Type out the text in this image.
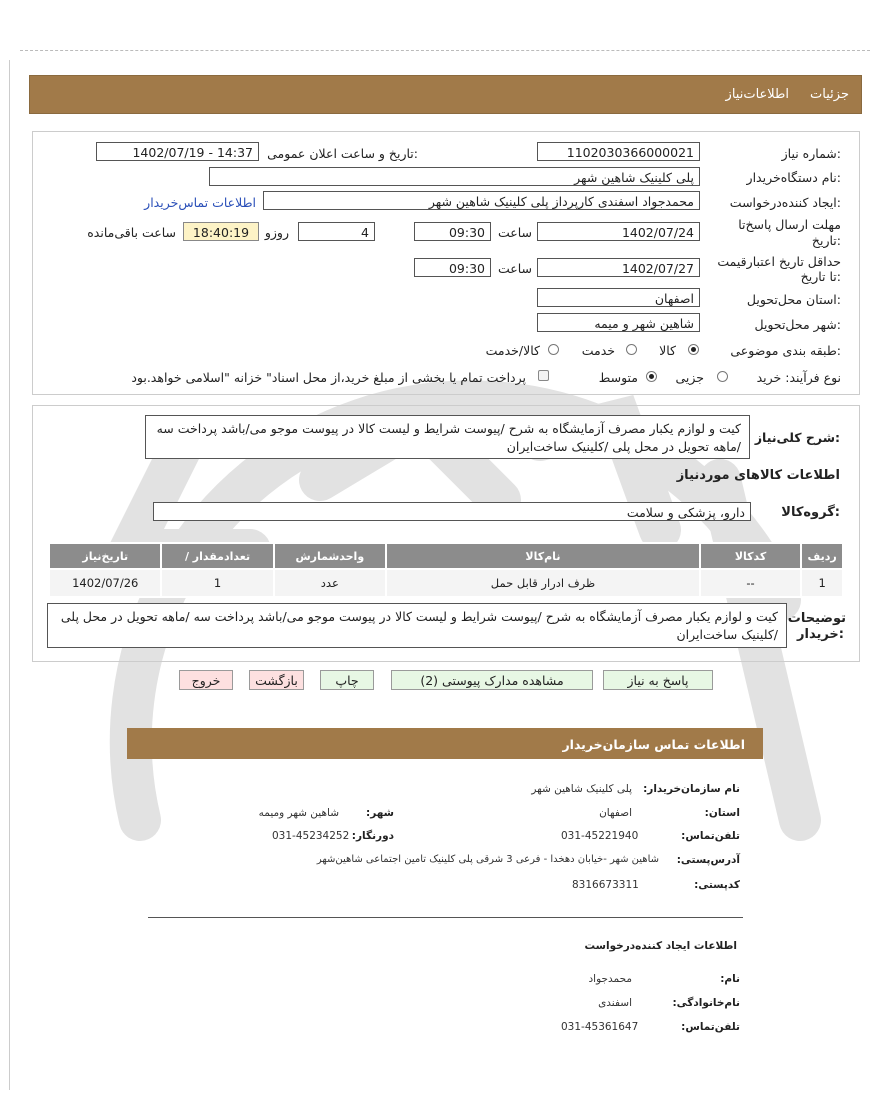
جزئیات
اطلاعات‌نیاز
شماره نیاز:
1102030366000021
تاریخ و ساعت اعلان عمومی:
1402/07/19 - 14:37
نام دستگاه‌خریدار:
پلی کلینیک شاهین شهر
ایجاد کننده‌درخواست:
محمدجواد اسفندی کارپرداز پلی کلینیک شاهین شهر
اطلاعات تماس‌خریدار
مهلت ارسال پاسخ‌تا
تاریخ:
1402/07/24
ساعت
09:30
4
روزو
18:40:19
ساعت باقی‌مانده
حداقل تاریخ اعتبار‌قیمت
تا تاریخ:
1402/07/27
ساعت
09:30
استان محل‌تحویل:
اصفهان
شهر محل‌تحویل:
شاهین شهر و میمه
طبقه بندی موضوعی:
کالا
خدمت
کالا/خدمت
نوع فرآیند: خرید
جزیی
متوسط
پرداخت تمام یا بخشی از مبلغ خرید،از محل اسناد" خزانه "اسلامی خواهد.بود
شرح کلی‌نیاز:
کیت و لوازم یکبار مصرف آزمایشگاه به شرح /پیوست شرایط و لیست کالا در پیوست موجو می/باشد پرداخت سه /ماهه تحویل در محل پلی /کلینیک ساخت‌ایران
اطلاعات کالاهای موردنیاز
گروه‌کالا:
دارو، پزشکی و سلامت
ردیف	کدکالا	نام‌کالا	واحدشمارش	تعدادمقدار /	تاریخ‌نیاز
1	--	ظرف ادرار قابل حمل	عدد	1	1402/07/26
توضیحات
خریدار:
کیت و لوازم یکبار مصرف آزمایشگاه به شرح /پیوست شرایط و لیست کالا در پیوست موجو می/باشد پرداخت سه /ماهه تحویل در محل پلی /کلینیک ساخت‌ایران
پاسخ به نیاز
مشاهده مدارک پیوستی (2)
چاپ
بازگشت
خروج
اطلاعات تماس سازمان‌خریدار
نام سازمان‌خریدار:
پلی کلینیک شاهین شهر
استان:
اصفهان
شهر:
شاهین شهر ومیمه
تلفن‌تماس:
031-45221940
دورنگار:
031-45234252
آدرس‌پستی:
شاهین شهر -خیابان دهخدا - فرعی 3 شرقی پلی کلینیک تامین اجتماعی شاهین‌شهر
کدپستی:
8316673311
اطلاعات ایجاد کننده‌درخواست
نام:
محمدجواد
نام‌خانوادگی:
اسفندی
تلفن‌تماس:
031-45361647
